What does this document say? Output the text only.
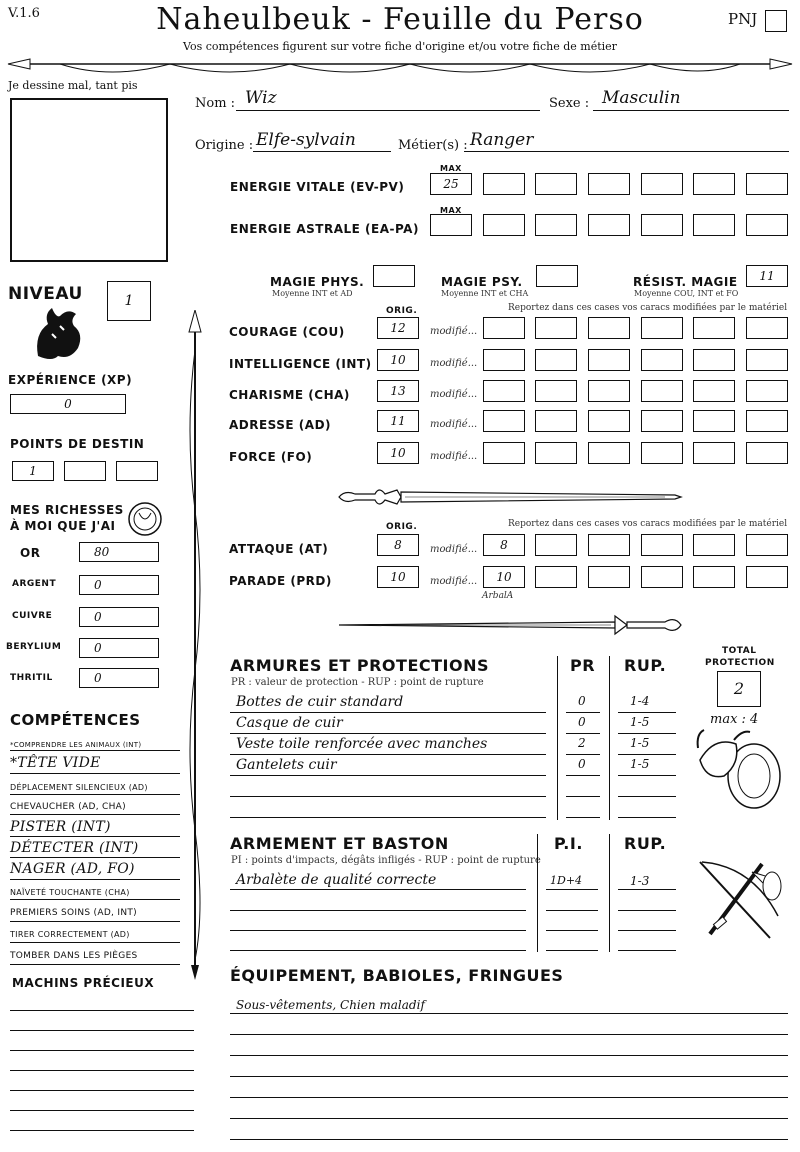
V.1.6	Naheulbeuk - Feuille du Perso
Vos compétences figurent sur votre fiche d'origine et/ou votre fiche de métier
PNJ
Je dessine mal, tant pis
Nom : Wiz	Sexe : Masculin
Origine : Elfe-sylvain	Métier(s) : Ranger
MAX
ENERGIE VITALE (EV-PV)	25
MAX
ENERGIE ASTRALE (EA-PA)
MAGIE PHYS.
Moyenne INT et AD
MAGIE PSY.
Moyenne INT et CHA
RÉSIST. MAGIE
Moyenne COU, INT et FO
11
NIVEAU	1
EXPÉRIENCE (XP)
0
POINTS DE DESTIN
1
MES RICHESSES
À MOI QUE J'AI
OR	80
ARGENT	0
CUIVRE	0
BERYLIUM	0
THRITIL	0
COMPÉTENCES
*COMPRENDRE LES ANIMAUX (INT)
*TÊTE VIDE
DÉPLACEMENT SILENCIEUX (AD)
CHEVAUCHER (AD, CHA)
PISTER (INT)
DÉTECTER (INT)
NAGER (AD, FO)
NAÏVETÉ TOUCHANTE (CHA)
PREMIERS SOINS (AD, INT)
TIRER CORRECTEMENT (AD)
TOMBER DANS LES PIÈGES
MACHINS PRÉCIEUX
ORIG.	Reportez dans ces cases vos caracs modifiées par le matériel
COURAGE (COU)	12	modifié...
INTELLIGENCE (INT)	10	modifié...
CHARISME (CHA)	13	modifié...
ADRESSE (AD)	11	modifié...
FORCE (FO)	10	modifié...
ORIG.	Reportez dans ces cases vos caracs modifiées par le matériel
ATTAQUE (AT)	8	modifié...	8
PARADE (PRD)	10	modifié...	10
ArbalA
ARMURES ET PROTECTIONS
PR : valeur de protection - RUP : point de rupture
PR RUP.
Bottes de cuir standard	0	1-4
Casque de cuir	0	1-5
Veste toile renforcée avec manches	2	1-5
Gantelets cuir	0	1-5
TOTAL
PROTECTION
2
max : 4
ARMEMENT ET BASTON
PI : points d'impacts, dégâts infligés - RUP : point de rupture
P.I.	RUP.
Arbalète de qualité correcte	1D+4	1-3
ÉQUIPEMENT, BABIOLES, FRINGUES
Sous-vêtements, Chien maladif
